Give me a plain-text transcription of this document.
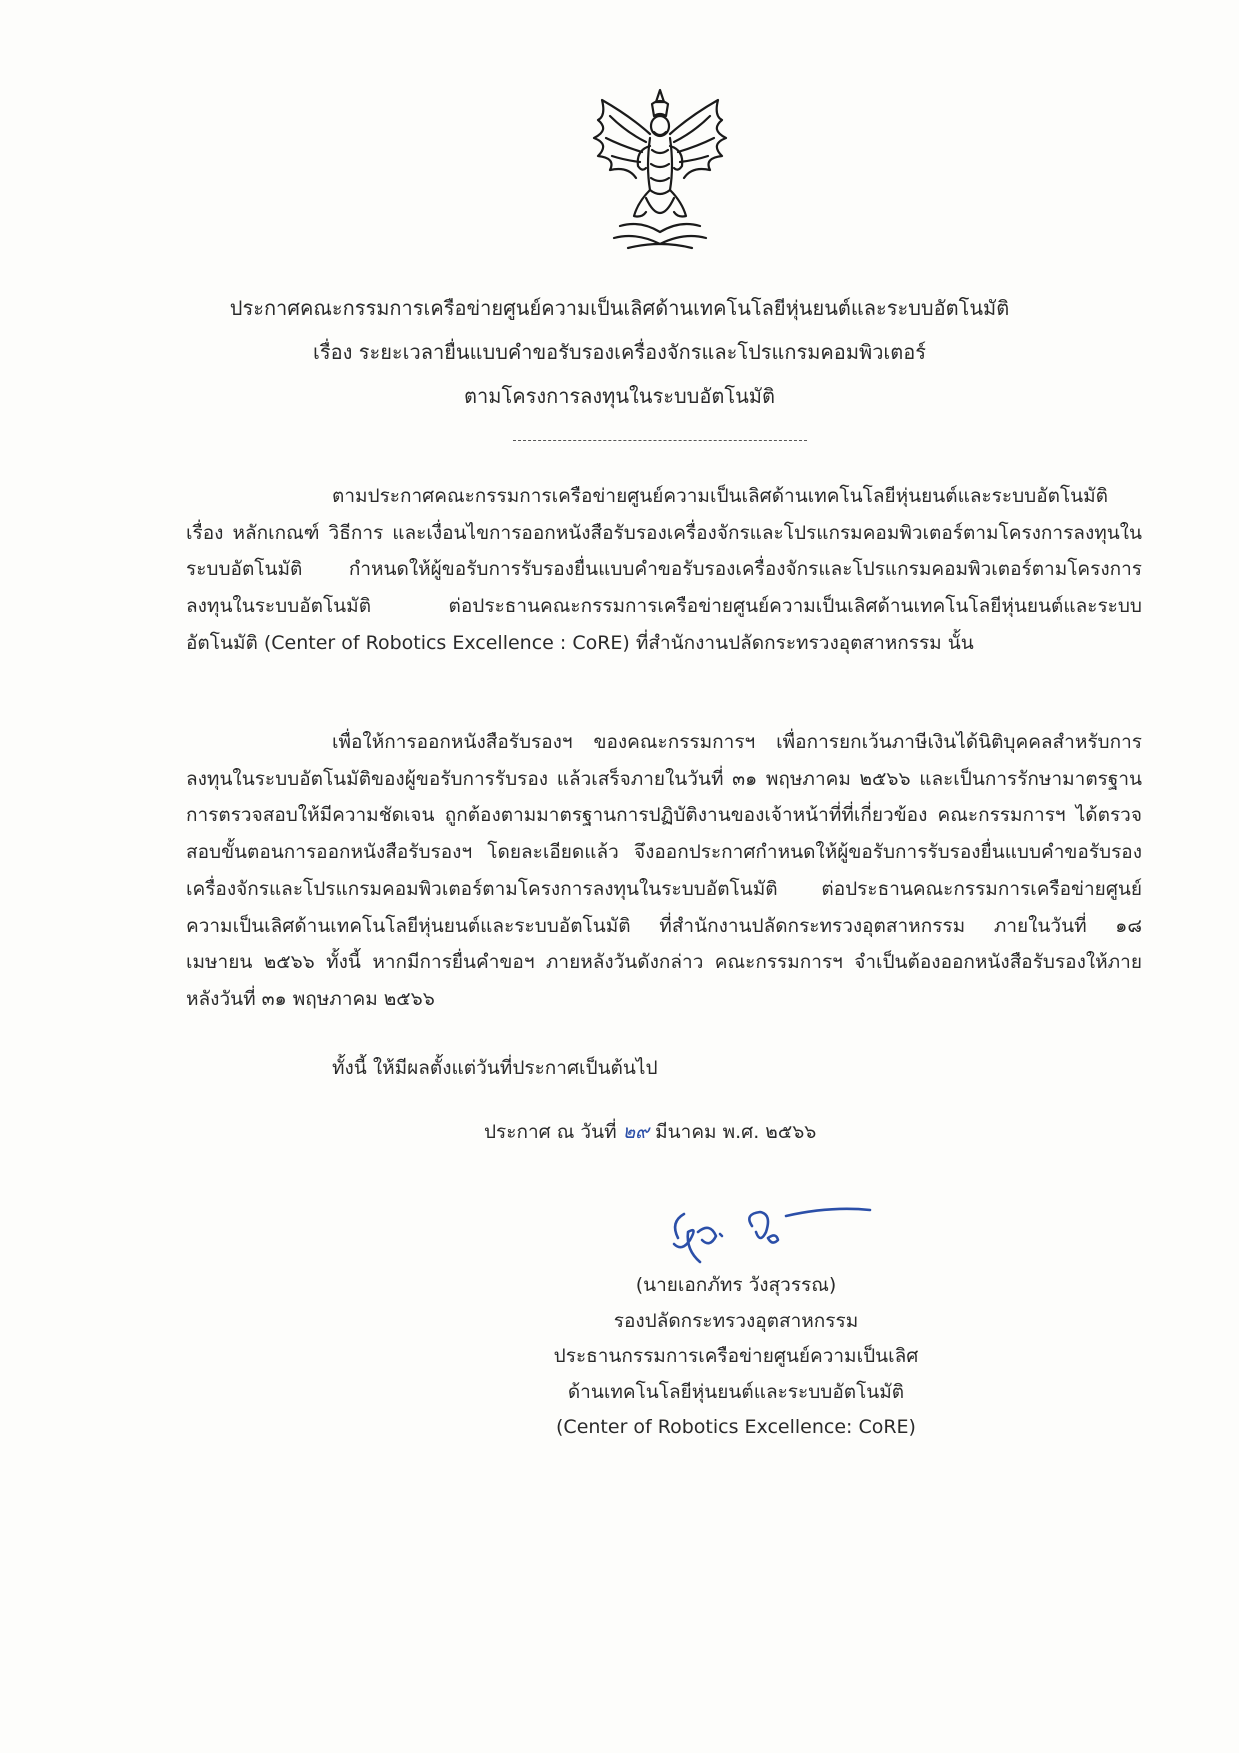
ประกาศคณะกรรมการเครือข่ายศูนย์ความเป็นเลิศด้านเทคโนโลยีหุ่นยนต์และระบบอัตโนมัติ
เรื่อง ระยะเวลายื่นแบบคำขอรับรองเครื่องจักรและโปรแกรมคอมพิวเตอร์
ตามโครงการลงทุนในระบบอัตโนมัติ

ตามประกาศคณะกรรมการเครือข่ายศูนย์ความเป็นเลิศด้านเทคโนโลยีหุ่นยนต์และระบบอัตโนมัติ เรื่อง หลักเกณฑ์ วิธีการ และเงื่อนไขการออกหนังสือรับรองเครื่องจักรและโปรแกรมคอมพิวเตอร์ตามโครงการลงทุนในระบบอัตโนมัติ กำหนดให้ผู้ขอรับการรับรองยื่นแบบคำขอรับรองเครื่องจักรและโปรแกรมคอมพิวเตอร์ตามโครงการลงทุนในระบบอัตโนมัติ ต่อประธานคณะกรรมการเครือข่ายศูนย์ความเป็นเลิศด้านเทคโนโลยีหุ่นยนต์และระบบอัตโนมัติ (Center of Robotics Excellence : CoRE) ที่สำนักงานปลัดกระทรวงอุตสาหกรรม นั้น

เพื่อให้การออกหนังสือรับรองฯ ของคณะกรรมการฯ เพื่อการยกเว้นภาษีเงินได้นิติบุคคลสำหรับการลงทุนในระบบอัตโนมัติของผู้ขอรับการรับรอง แล้วเสร็จภายในวันที่ ๓๑ พฤษภาคม ๒๕๖๖ และเป็นการรักษามาตรฐานการตรวจสอบให้มีความชัดเจน ถูกต้องตามมาตรฐานการปฏิบัติงานของเจ้าหน้าที่ที่เกี่ยวข้อง คณะกรรมการฯ ได้ตรวจสอบขั้นตอนการออกหนังสือรับรองฯ โดยละเอียดแล้ว จึงออกประกาศกำหนดให้ผู้ขอรับการรับรองยื่นแบบคำขอรับรองเครื่องจักรและโปรแกรมคอมพิวเตอร์ตามโครงการลงทุนในระบบอัตโนมัติ ต่อประธานคณะกรรมการเครือข่ายศูนย์ความเป็นเลิศด้านเทคโนโลยีหุ่นยนต์และระบบอัตโนมัติ ที่สำนักงานปลัดกระทรวงอุตสาหกรรม ภายในวันที่ ๑๘ เมษายน ๒๕๖๖ ทั้งนี้ หากมีการยื่นคำขอฯ ภายหลังวันดังกล่าว คณะกรรมการฯ จำเป็นต้องออกหนังสือรับรองให้ภายหลังวันที่ ๓๑ พฤษภาคม ๒๕๖๖

ทั้งนี้ ให้มีผลตั้งแต่วันที่ประกาศเป็นต้นไป

ประกาศ ณ วันที่ ๒๙ มีนาคม พ.ศ. ๒๕๖๖
(นายเอกภัทร วังสุวรรณ)
รองปลัดกระทรวงอุตสาหกรรม
ประธานกรรมการเครือข่ายศูนย์ความเป็นเลิศ
ด้านเทคโนโลยีหุ่นยนต์และระบบอัตโนมัติ
(Center of Robotics Excellence: CoRE)
